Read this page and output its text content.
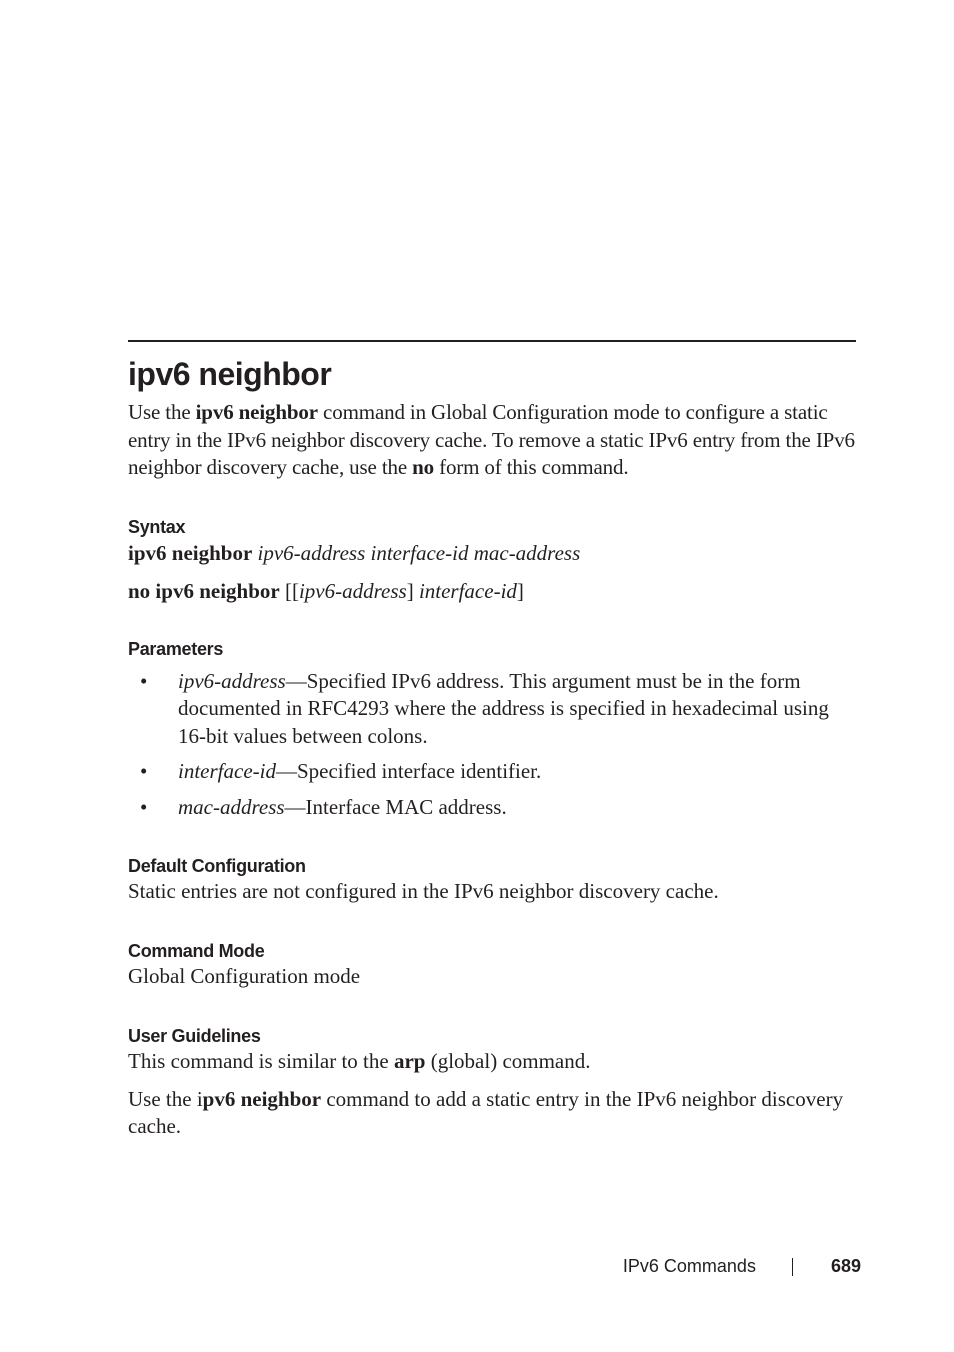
ipv6 neighbor

Use the ipv6 neighbor command in Global Configuration mode to configure a static entry in the IPv6 neighbor discovery cache. To remove a static IPv6 entry from the IPv6 neighbor discovery cache, use the no form of this command.

Syntax

ipv6 neighbor ipv6-address interface-id mac-address

no ipv6 neighbor [[ipv6-address] interface-id]

Parameters
• ipv6-address—Specified IPv6 address. This argument must be in the form documented in RFC4293 where the address is specified in hexadecimal using 16-bit values between colons.
• interface-id—Specified interface identifier.
• mac-address—Interface MAC address.
Default Configuration

Static entries are not configured in the IPv6 neighbor discovery cache.

Command Mode

Global Configuration mode

User Guidelines

This command is similar to the arp (global) command.

Use the ipv6 neighbor command to add a static entry in the IPv6 neighbor discovery cache.

IPv6 Commands	689
